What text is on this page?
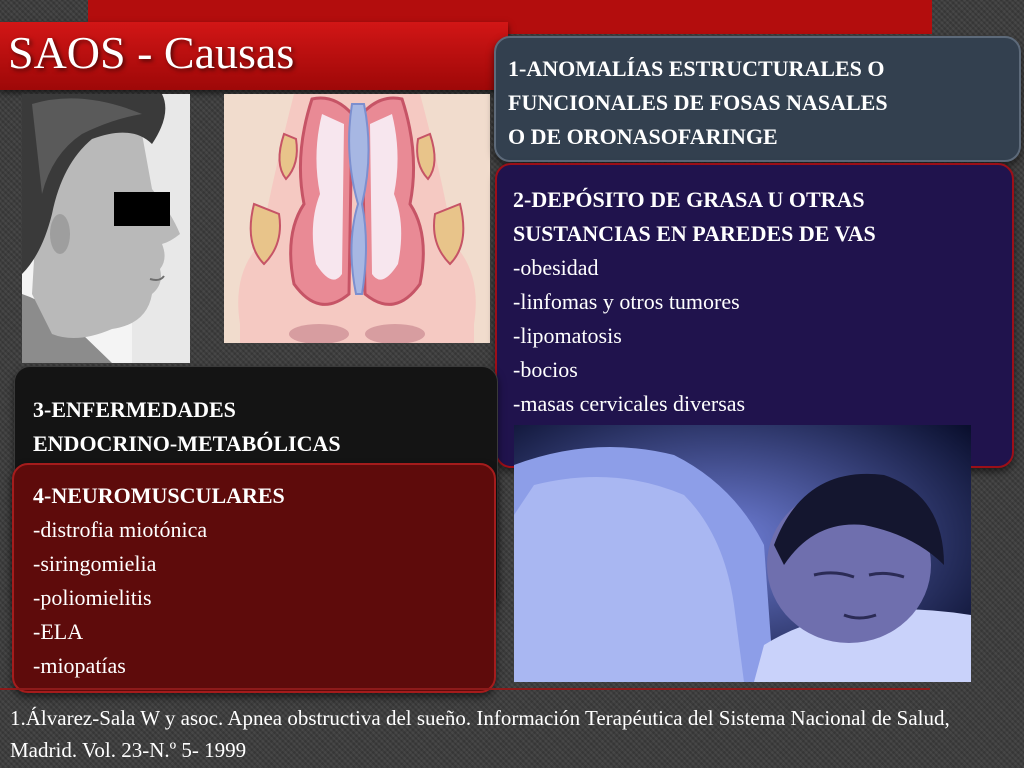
SAOS - Causas	1-ANOMALÍAS ESTRUCTURALES O
FUNCIONALES DE FOSAS NASALES
O DE ORONASOFARINGE
2-DEPÓSITO DE GRASA U OTRAS
SUSTANCIAS EN PAREDES DE VAS
-obesidad
-linfomas y otros tumores
-lipomatosis
-bocios
-masas cervicales diversas
3-ENFERMEDADES
ENDOCRINO-METABÓLICAS
4-NEUROMUSCULARES
-distrofia miotónica
-siringomielia
-poliomielitis
-ELA
-miopatías
1.Álvarez-Sala W y asoc. Apnea obstructiva del sueño. Información Terapéutica del Sistema Nacional de Salud, Madrid. Vol. 23-N.º 5- 1999
